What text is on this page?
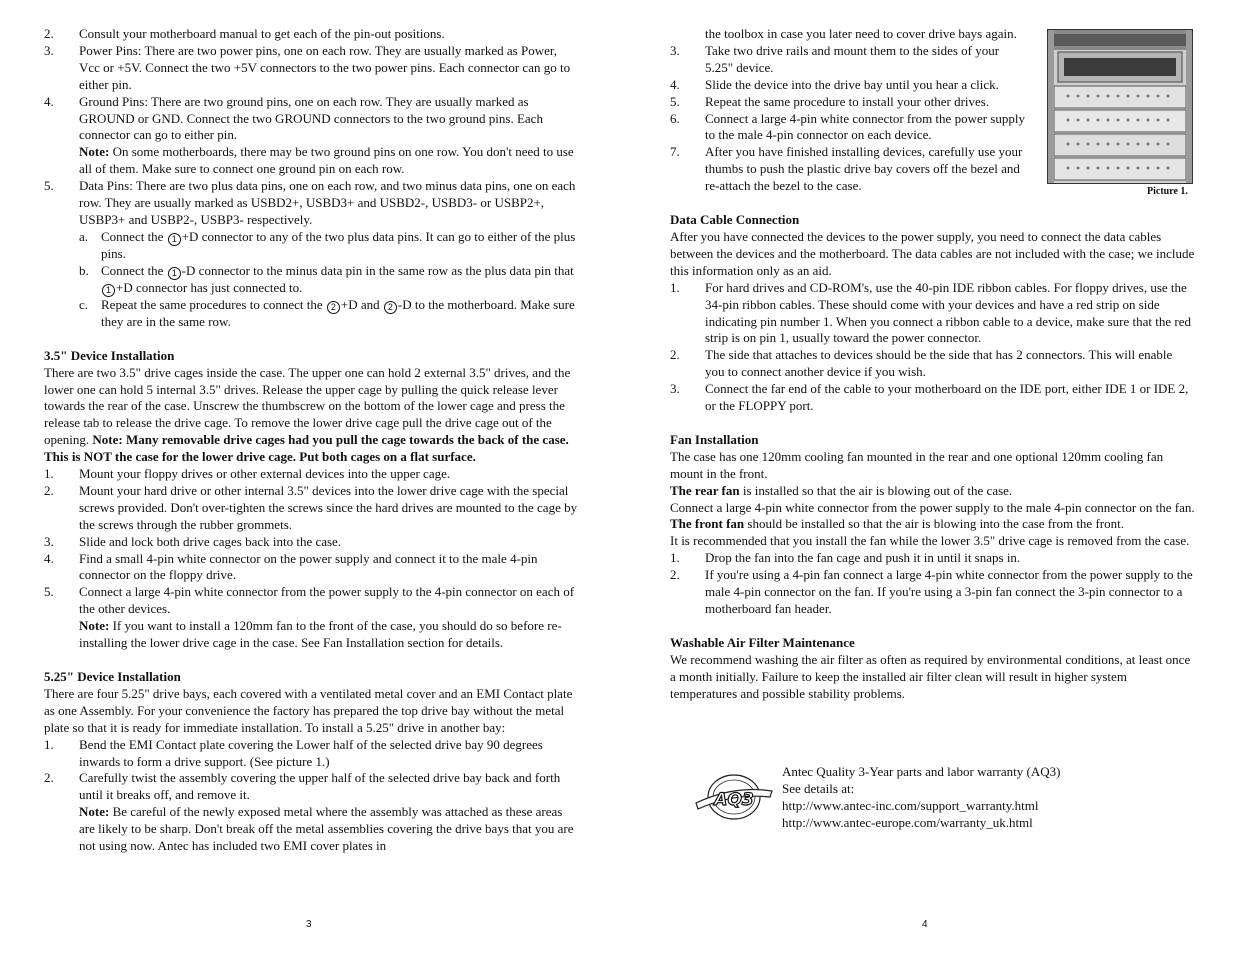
2. Consult your motherboard manual to get each of the pin-out positions.
3. Power Pins: There are two power pins, one on each row. They are usually marked as Power, Vcc or +5V. Connect the two +5V connectors to the two power pins. Each connector can go to either pin.
4. Ground Pins: There are two ground pins, one on each row. They are usually marked as GROUND or GND. Connect the two GROUND connectors to the two ground pins. Each connector can go to either pin.
Note: On some motherboards, there may be two ground pins on one row. You don't need to use all of them. Make sure to connect one ground pin on each row.
5. Data Pins: There are two plus data pins, one on each row, and two minus data pins, one on each row. They are usually marked as USBD2+, USBD3+ and USBD2-, USBD3- or USBP2+, USBP3+ and USBP2-, USBP3- respectively.
a. Connect the 1 +D connector to any of the two plus data pins. It can go to either of the plus pins.
b. Connect the 1 -D connector to the minus data pin in the same row as the plus data pin that 1 +D connector has just connected to.
c. Repeat the same procedures to connect the 2 +D and 2 -D to the motherboard. Make sure they are in the same row.

3.5" Device Installation

There are two 3.5" drive cages inside the case. The upper one can hold 2 external 3.5" drives, and the lower one can hold 5 internal 3.5" drives. Release the upper cage by pulling the quick release lever towards the rear of the case. Unscrew the thumbscrew on the bottom of the lower cage and press the release tab to release the drive cage. To remove the lower drive cage pull the drive cage out of the opening. Note: Many removable drive cages had you pull the cage towards the back of the case. This is NOT the case for the lower drive cage. Put both cages on a flat surface.

1. Mount your floppy drives or other external devices into the upper cage.
2. Mount your hard drive or other internal 3.5" devices into the lower drive cage with the special screws provided. Don't over-tighten the screws since the hard drives are mounted to the cage by the screws through the rubber grommets.
3. Slide and lock both drive cages back into the case.
4. Find a small 4-pin white connector on the power supply and connect it to the male 4-pin connector on the floppy drive.
5. Connect a large 4-pin white connector from the power supply to the 4-pin connector on each of the other devices.
Note: If you want to install a 120mm fan to the front of the case, you should do so before re-installing the lower drive cage in the case. See Fan Installation section for details.

5.25" Device Installation

There are four 5.25" drive bays, each covered with a ventilated metal cover and an EMI Contact plate as one Assembly. For your convenience the factory has prepared the top drive bay without the metal plate so that it is ready for immediate installation. To install a 5.25" drive in another bay:

1. Bend the EMI Contact plate covering the Lower half of the selected drive bay 90 degrees inwards to form a drive support. (See picture 1.)
2. Carefully twist the assembly covering the upper half of the selected drive bay back and forth until it breaks off, and remove it.
Note: Be careful of the newly exposed metal where the assembly was attached as these areas are likely to be sharp. Don't break off the metal assemblies covering the drive bays that you are not using now. Antec has included two EMI cover plates in
3
the toolbox in case you later need to cover drive bays again.
3. Take two drive rails and mount them to the sides of your 5.25" device.
4. Slide the device into the drive bay until you hear a click.
5. Repeat the same procedure to install your other drives.
6. Connect a large 4-pin white connector from the power supply to the male 4-pin connector on each device.
7. After you have finished installing devices, carefully use your thumbs to push the plastic drive bay covers off the bezel and re-attach the bezel to the case.

Data Cable Connection

After you have connected the devices to the power supply, you need to connect the data cables between the devices and the motherboard. The data cables are not included with the case; we include this information only as an aid.

1. For hard drives and CD-ROM's, use the 40-pin IDE ribbon cables. For floppy drives, use the 34-pin ribbon cables. These should come with your devices and have a red strip on side indicating pin number 1. When you connect a ribbon cable to a device, make sure that the red strip is on pin 1, usually toward the power connector.
2. The side that attaches to devices should be the side that has 2 connectors. This will enable you to connect another device if you wish.
3. Connect the far end of the cable to your motherboard on the IDE port, either IDE 1 or IDE 2, or the FLOPPY port.

Fan Installation

The case has one 120mm cooling fan mounted in the rear and one optional 120mm cooling fan mount in the front.

The rear fan is installed so that the air is blowing out of the case.

Connect a large 4-pin white connector from the power supply to the male 4-pin connector on the fan.

The front fan should be installed so that the air is blowing into the case from the front.

It is recommended that you install the fan while the lower 3.5" drive cage is removed from the case.

1. Drop the fan into the fan cage and push it in until it snaps in.
2. If you're using a 4-pin fan connect a large 4-pin white connector from the power supply to the male 4-pin connector on the fan. If you're using a 3-pin fan connect the 3-pin connector to a motherboard fan header.

Washable Air Filter Maintenance

We recommend washing the air filter as often as required by environmental conditions, at least once a month initially. Failure to keep the installed air filter clean will result in higher system temperatures and possible stability problems.

Picture 1.
AQ3

Antec Quality 3-Year parts and labor warranty (AQ3)

See details at:

http://www.antec-inc.com/support_warranty.html

http://www.antec-europe.com/warranty_uk.html

4
